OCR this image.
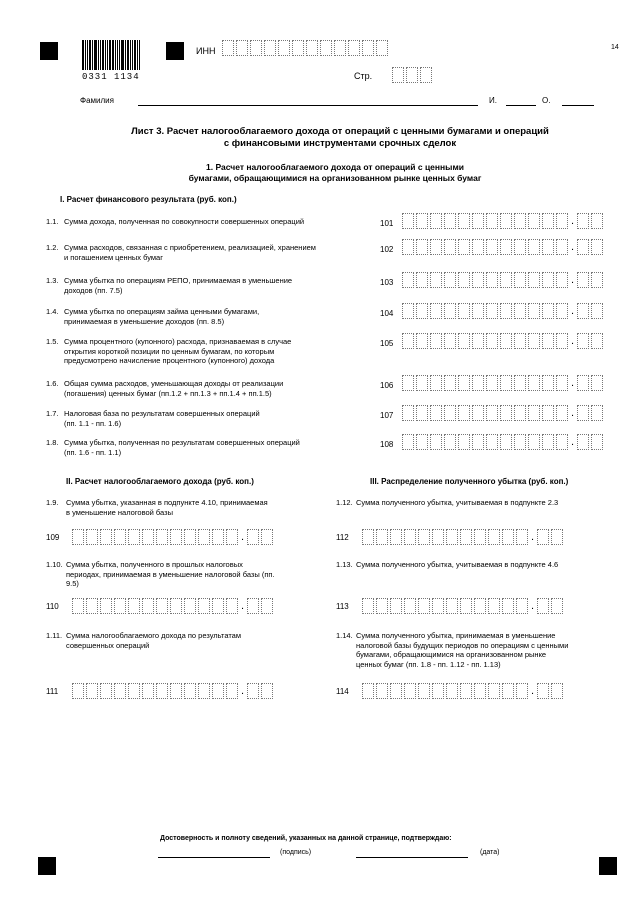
0331 1134
ИНН	14
Стр.
Фамилия	И.	О.
Лист 3. Расчет налогооблагаемого дохода от операций с ценными бумагами и операций
с финансовыми инструментами срочных сделок
1. Расчет налогооблагаемого дохода от операций с ценными
бумагами, обращающимися на организованном рынке ценных бумаг
I. Расчет финансового результата (руб. коп.)
1.1. Сумма дохода, полученная по совокупности совершенных операций	101	.
1.2. Сумма расходов, связанная с приобретением, реализацией, хранением
и погашением ценных бумаг
102	.
1.3. Сумма убытка по операциям РЕПО, принимаемая в уменьшение
доходов (пп. 7.5)
103	.
1.4. Сумма убытка по операциям займа ценными бумагами,
принимаемая в уменьшение доходов (пп. 8.5)
104	.
1.5. Сумма процентного (купонного) расхода, признаваемая в случае
открытия короткой позиции по ценным бумагам, по которым
предусмотрено начисление процентного (купонного) дохода
105	.
1.6. Общая сумма расходов, уменьшающая доходы от реализации
(погашения) ценных бумаг (пп.1.2 + пп.1.3 + пп.1.4 + пп.1.5)
106	.
1.7. Налоговая база по результатам совершенных операций
(пп. 1.1 - пп. 1.6)
107	.
1.8. Сумма убытка, полученная по результатам совершенных операций
(пп. 1.6 - пп. 1.1)
108	.
II. Расчет налогооблагаемого дохода (руб. коп.)	III. Распределение полученного убытка (руб. коп.)
1.9. Сумма убытка, указанная в подпункте 4.10, принимаемая
в уменьшение налоговой базы
109	.
1.10. Сумма убытка, полученного в прошлых налоговых
периодах, принимаемая в уменьшение налоговой базы (пп.
9.5)
110	.
1.11. Сумма налогооблагаемого дохода по результатам
совершенных операций
111	.
1.12. Сумма полученного убытка, учитываемая в подпункте 2.3
112	.
1.13. Сумма полученного убытка, учитываемая в подпункте 4.6
113	.
1.14. Сумма полученного убытка, принимаемая в уменьшение
налоговой базы будущих периодов по операциям с ценными
бумагами, обращающимися на организованном рынке
ценных бумаг (пп. 1.8 - пп. 1.12 - пп. 1.13)
114	.
Достоверность и полноту сведений, указанных на данной странице, подтверждаю:
(подпись)	(дата)
